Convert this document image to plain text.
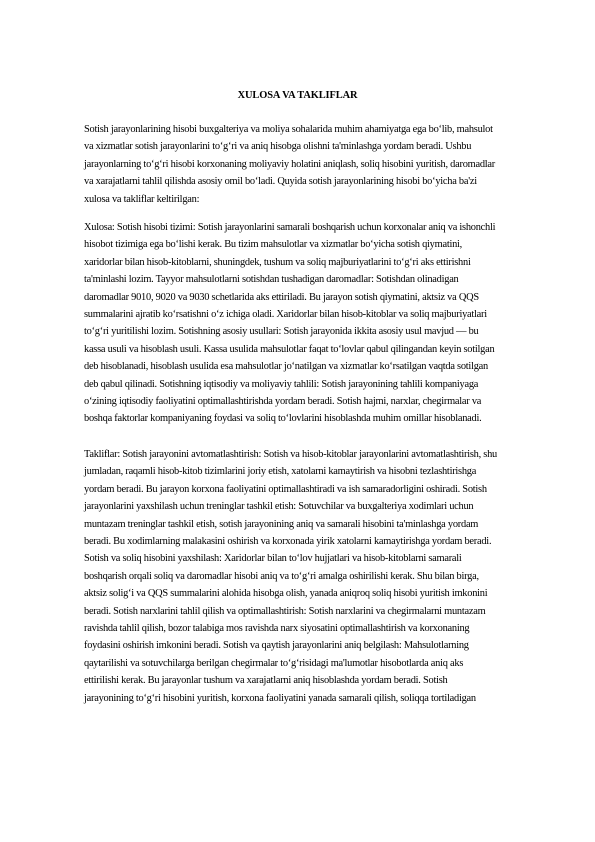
XULOSA VA TAKLIFLAR
Sotish jarayonlarining hisobi buxgalteriya va moliya sohalarida muhim ahamiyatga ega bo‘lib, mahsulot
va xizmatlar sotish jarayonlarini to‘g‘ri va aniq hisobga olishni ta'minlashga yordam beradi. Ushbu
jarayonlarning to‘g‘ri hisobi korxonaning moliyaviy holatini aniqlash, soliq hisobini yuritish, daromadlar
va xarajatlarni tahlil qilishda asosiy omil bo‘ladi. Quyida sotish jarayonlarining hisobi bo‘yicha ba'zi
xulosa va takliflar keltirilgan:
Xulosa: Sotish hisobi tizimi: Sotish jarayonlarini samarali boshqarish uchun korxonalar aniq va ishonchli
hisobot tizimiga ega bo‘lishi kerak. Bu tizim mahsulotlar va xizmatlar bo‘yicha sotish qiymatini,
xaridorlar bilan hisob-kitoblarni, shuningdek, tushum va soliq majburiyatlarini to‘g‘ri aks ettirishni
ta'minlashi lozim. Tayyor mahsulotlarni sotishdan tushadigan daromadlar: Sotishdan olinadigan
daromadlar 9010, 9020 va 9030 schetlarida aks ettiriladi. Bu jarayon sotish qiymatini, aktsiz va QQS
summalarini ajratib ko‘rsatishni o‘z ichiga oladi. Xaridorlar bilan hisob-kitoblar va soliq majburiyatlari
to‘g‘ri yuritilishi lozim. Sotishning asosiy usullari: Sotish jarayonida ikkita asosiy usul mavjud — bu
kassa usuli va hisoblash usuli. Kassa usulida mahsulotlar faqat to‘lovlar qabul qilingandan keyin sotilgan
deb hisoblanadi, hisoblash usulida esa mahsulotlar jo‘natilgan va xizmatlar ko‘rsatilgan vaqtda sotilgan
deb qabul qilinadi. Sotishning iqtisodiy va moliyaviy tahlili: Sotish jarayonining tahlili kompaniyaga
o‘zining iqtisodiy faoliyatini optimallashtirishda yordam beradi. Sotish hajmi, narxlar, chegirmalar va
boshqa faktorlar kompaniyaning foydasi va soliq to‘lovlarini hisoblashda muhim omillar hisoblanadi.
Takliflar: Sotish jarayonini avtomatlashtirish: Sotish va hisob-kitoblar jarayonlarini avtomatlashtirish, shu
jumladan, raqamli hisob-kitob tizimlarini joriy etish, xatolarni kamaytirish va hisobni tezlashtirishga
yordam beradi. Bu jarayon korxona faoliyatini optimallashtiradi va ish samaradorligini oshiradi. Sotish
jarayonlarini yaxshilash uchun treninglar tashkil etish: Sotuvchilar va buxgalteriya xodimlari uchun
muntazam treninglar tashkil etish, sotish jarayonining aniq va samarali hisobini ta'minlashga yordam
beradi. Bu xodimlarning malakasini oshirish va korxonada yirik xatolarni kamaytirishga yordam beradi.
Sotish va soliq hisobini yaxshilash: Xaridorlar bilan to‘lov hujjatlari va hisob-kitoblarni samarali
boshqarish orqali soliq va daromadlar hisobi aniq va to‘g‘ri amalga oshirilishi kerak. Shu bilan birga,
aktsiz solig‘i va QQS summalarini alohida hisobga olish, yanada aniqroq soliq hisobi yuritish imkonini
beradi. Sotish narxlarini tahlil qilish va optimallashtirish: Sotish narxlarini va chegirmalarni muntazam
ravishda tahlil qilish, bozor talabiga mos ravishda narx siyosatini optimallashtirish va korxonaning
foydasini oshirish imkonini beradi. Sotish va qaytish jarayonlarini aniq belgilash: Mahsulotlarning
qaytarilishi va sotuvchilarga berilgan chegirmalar to‘g‘risidagi ma'lumotlar hisobotlarda aniq aks
ettirilishi kerak. Bu jarayonlar tushum va xarajatlarni aniq hisoblashda yordam beradi. Sotish
jarayonining to‘g‘ri hisobini yuritish, korxona faoliyatini yanada samarali qilish, soliqqa tortiladigan
